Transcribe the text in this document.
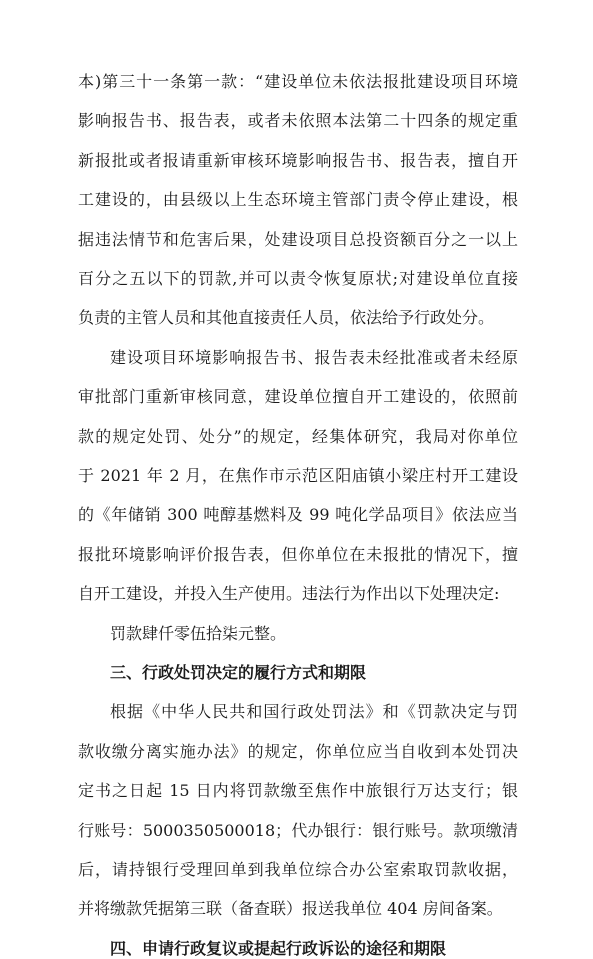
本)第三十一条第一款：“建设单位未依法报批建设项目环境
影响报告书、报告表，或者未依照本法第二十四条的规定重
新报批或者报请重新审核环境影响报告书、报告表，擅自开
工建设的，由县级以上生态环境主管部门责令停止建设，根
据违法情节和危害后果，处建设项目总投资额百分之一以上
百分之五以下的罚款,并可以责令恢复原状;对建设单位直接
负责的主管人员和其他直接责任人员，依法给予行政处分。
建设项目环境影响报告书、报告表未经批准或者未经原
审批部门重新审核同意，建设单位擅自开工建设的，依照前
款的规定处罚、处分”的规定，经集体研究，我局对你单位
于 2021 年 2 月，在焦作市示范区阳庙镇小梁庄村开工建设
的《年储销 300 吨醇基燃料及 99 吨化学品项目》依法应当
报批环境影响评价报告表，但你单位在未报批的情况下，擅
自开工建设，并投入生产使用。违法行为作出以下处理决定:
罚款肆仟零伍拾柒元整。
三、行政处罚决定的履行方式和期限
根据《中华人民共和国行政处罚法》和《罚款决定与罚
款收缴分离实施办法》的规定，你单位应当自收到本处罚决
定书之日起 15 日内将罚款缴至焦作中旅银行万达支行；银
行账号：5000350500018；代办银行：银行账号。款项缴清
后，请持银行受理回单到我单位综合办公室索取罚款收据，
并将缴款凭据第三联（备查联）报送我单位 404 房间备案。
四、申请行政复议或提起行政诉讼的途径和期限
